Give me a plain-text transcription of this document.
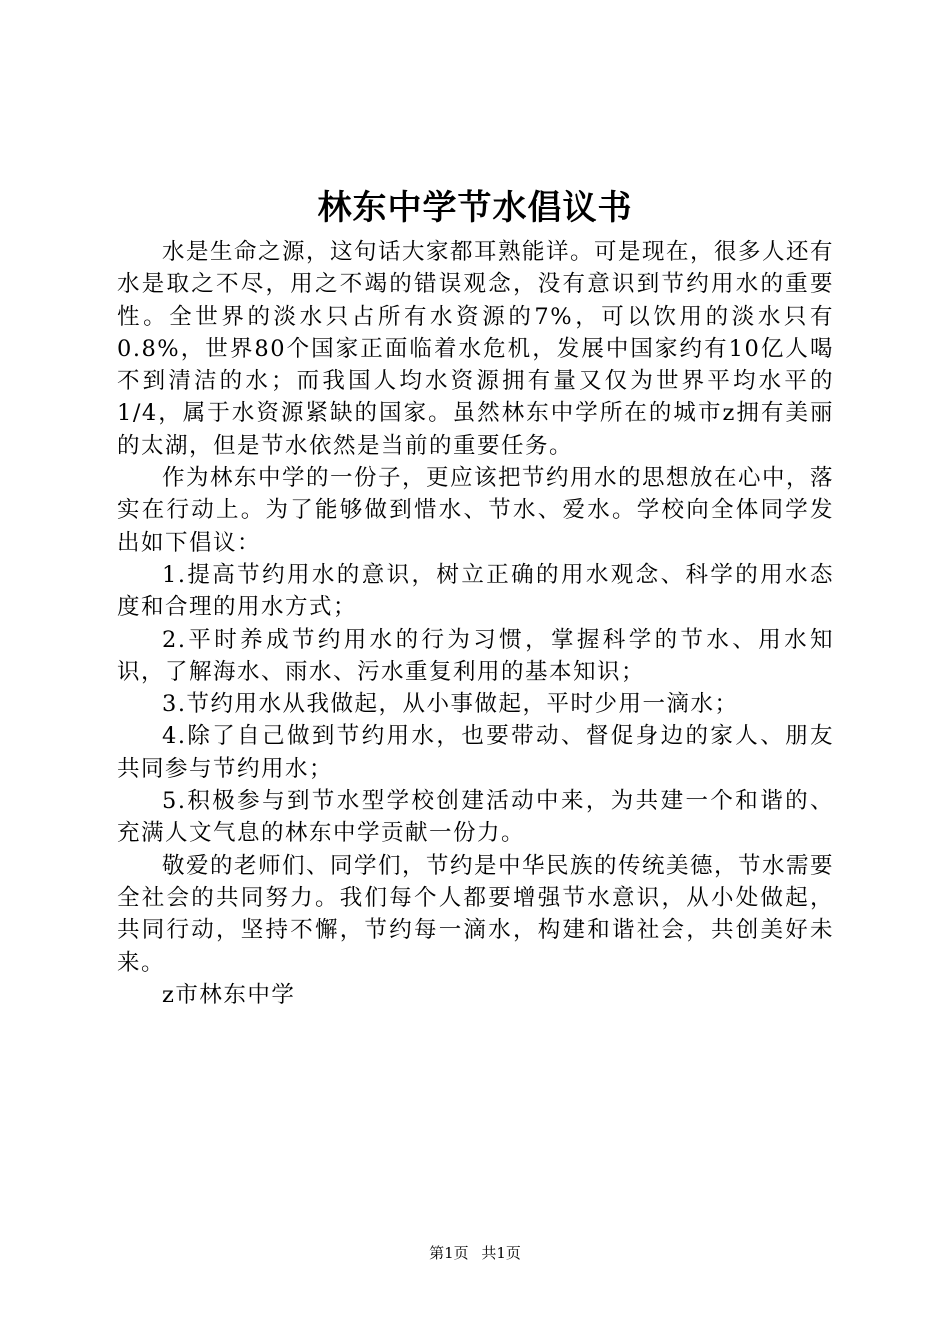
林东中学节水倡议书

水是生命之源，这句话大家都耳熟能详。可是现在，很多人还有水是取之不尽，用之不竭的错误观念，没有意识到节约用水的重要性。全世界的淡水只占所有水资源的7%，可以饮用的淡水只有0.8%，世界80个国家正面临着水危机，发展中国家约有10亿人喝不到清洁的水；而我国人均水资源拥有量又仅为世界平均水平的1/4，属于水资源紧缺的国家。虽然林东中学所在的城市z拥有美丽的太湖，但是节水依然是当前的重要任务。

作为林东中学的一份子，更应该把节约用水的思想放在心中，落实在行动上。为了能够做到惜水、节水、爱水。学校向全体同学发出如下倡议：

1.提高节约用水的意识，树立正确的用水观念、科学的用水态度和合理的用水方式；

2.平时养成节约用水的行为习惯，掌握科学的节水、用水知识，了解海水、雨水、污水重复利用的基本知识；

3.节约用水从我做起，从小事做起，平时少用一滴水；

4.除了自己做到节约用水，也要带动、督促身边的家人、朋友共同参与节约用水；

5.积极参与到节水型学校创建活动中来，为共建一个和谐的、充满人文气息的林东中学贡献一份力。

敬爱的老师们、同学们，节约是中华民族的传统美德，节水需要全社会的共同努力。我们每个人都要增强节水意识，从小处做起，共同行动，坚持不懈，节约每一滴水，构建和谐社会，共创美好未来。

z市林东中学

第1页 共1页
